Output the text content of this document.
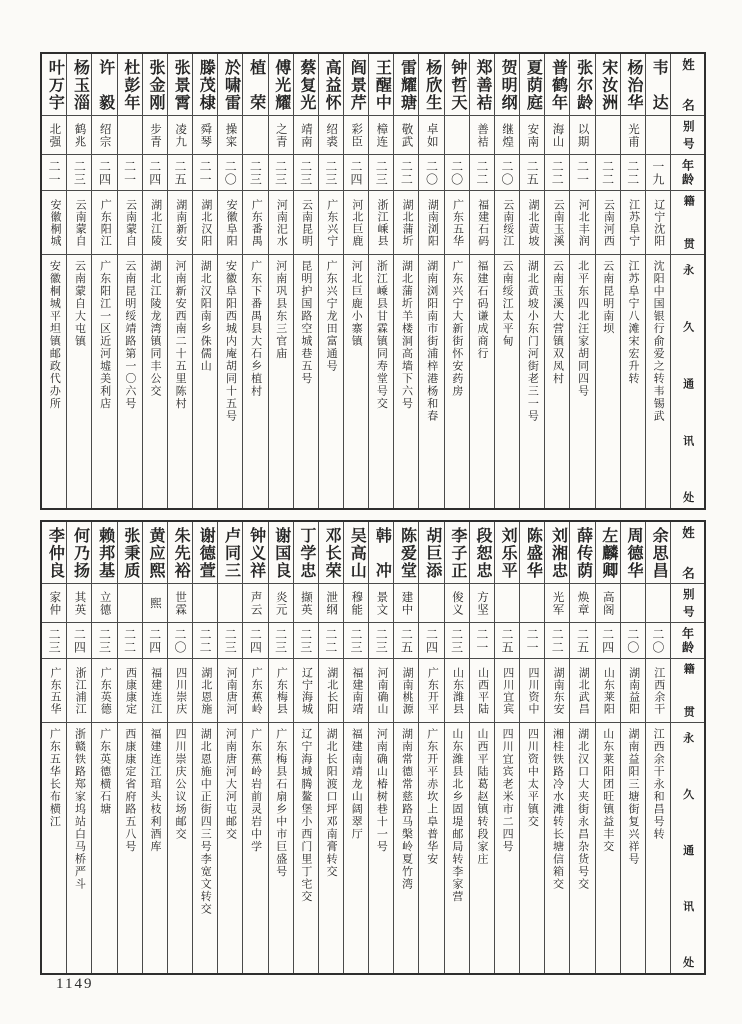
姓名
别号
年龄
籍贯
永久通讯处
韦达
一九
辽宁沈阳
沈阳中国银行俞爱之转韦锡武
杨治华
光甫
二二
江苏阜宁
江苏阜宁八滩宋宏升转
宋汝洲
二二
云南河西
云南昆明南坝
张尔龄
以期
二一
河北丰润
北平东四北汪家胡同四号
普鹤年
海山
二二
云南玉溪
云南玉溪大营镇双凤村
夏荫庭
安南
二五
湖北黄坡
湖北黄坡小东门河街老三一号
贺明纲
继煌
二〇
云南绥江
云南绥江太平甸
郑善袺
善袺
二二
福建石码
福建石码谦成商行
钟哲天
二〇
广东五华
广东兴宁大新街怀安药房
杨欣生
卓如
二〇
湖南浏阳
湖南浏阳南市街浦梓港杨和春
雷耀瑭
敬武
二二
湖北蒲圻
湖北蒲圻羊楼洞高墙下六号
王醒中
樟连
二三
浙江嵊县
浙江嵊县甘霖镇同寿堂号交
阎景芹
彩臣
二四
河北巨鹿
河北巨鹿小寨镇
高益怀
绍裘
二三
广东兴宁
广东兴宁龙田富通号
蔡复光
靖南
二三
云南昆明
昆明护国路空城巷五号
傅光耀
之青
二三
河南汜水
河南巩县东三官庙
植荣
二三
广东番禺
广东下番禺县大石乡植村
於啸雷
操寀
二〇
安徽阜阳
安徽阜阳西城内庵胡同十五号
滕茂棣
舜琴
二一
湖北汉阳
湖北汉阳南乡侏儒山
张景霄
凌九
二五
湖南新安
河南新安西南二十五里陈村
张金刚
步青
二四
湖北江陵
湖北江陵龙湾镇同丰公交
杜彭年
二一
云南蒙自
云南昆明绥靖路第一〇六号
许毅
绍宗
二四
广东阳江
广东阳江一区近河墟美利店
杨玉淄
鹤兆
二三
云南蒙自
云南蒙自大屯镇
叶万宇
北强
二一
安徽桐城
安徽桐城平坦镇邮政代办所
姓名
别号
年龄
籍贯
永久通讯处
余思昌
二〇
江西余干
江西余干永和昌号转
周德华
二〇
湖南益阳
湖南益阳三塘街复兴祥号
左麟卿
高阁
二四
山东莱阳
山东莱阳团旺镇益丰交
薛传荫
焕章
二五
湖北武昌
湖北汉口大夹街永昌杂货号交
刘湘忠
光军
二二
湖南东安
湘桂铁路冷水滩转长塘信箱交
陈盛华
二一
四川资中
四川资中太平镇交
刘乐平
二五
四川宜宾
四川宜宾老米市二四号
段恕忠
方坚
二一
山西平陆
山西平陆葛赵镇转段家庄
李子正
俊义
二三
山东潍县
山东潍县北乡固堤邮局转李家营
胡巨添
二四
广东开平
广东开平赤坎上阜普华安
陈爱堂
建中
二五
湖南桃源
湖南常德常慈路马槃岭夏竹湾
韩冲
景文
二三
河南确山
河南确山椿树巷十一号
吴高山
穆能
二三
福建南靖
福建南靖龙山阔翠厅
邓长荣
泄纲
二二
湖北长阳
湖北长阳渡口坪邓南膏转交
丁学忠
撷英
二三
辽宁海城
辽宁海城腾鳌堡小西门里丁宅交
谢国良
炎元
二三
广东梅县
广东梅县石扇乡中市巨盛号
钟义祥
声云
二四
广东蕉岭
广东蕉岭岩前灵岩中学
卢同三
二三
河南唐河
河南唐河大河屯邮交
谢德萱
二二
湖北恩施
湖北恩施中正街四三号李宽文转交
朱先裕
世霖
二〇
四川崇庆
四川崇庆公议场邮交
黄应熙
熙
二四
福建连江
福建连江琯头枝利酒库
张秉质
二二
西康康定
西康康定省府路五八号
赖邦基
立德
二三
广东英德
广东英德横石塘
何乃扬
其英
二四
浙江浦江
浙赣铁路郑家坞站白马桥严斗
李仲良
家仲
二三
广东五华
广东五华长布横江
1149
